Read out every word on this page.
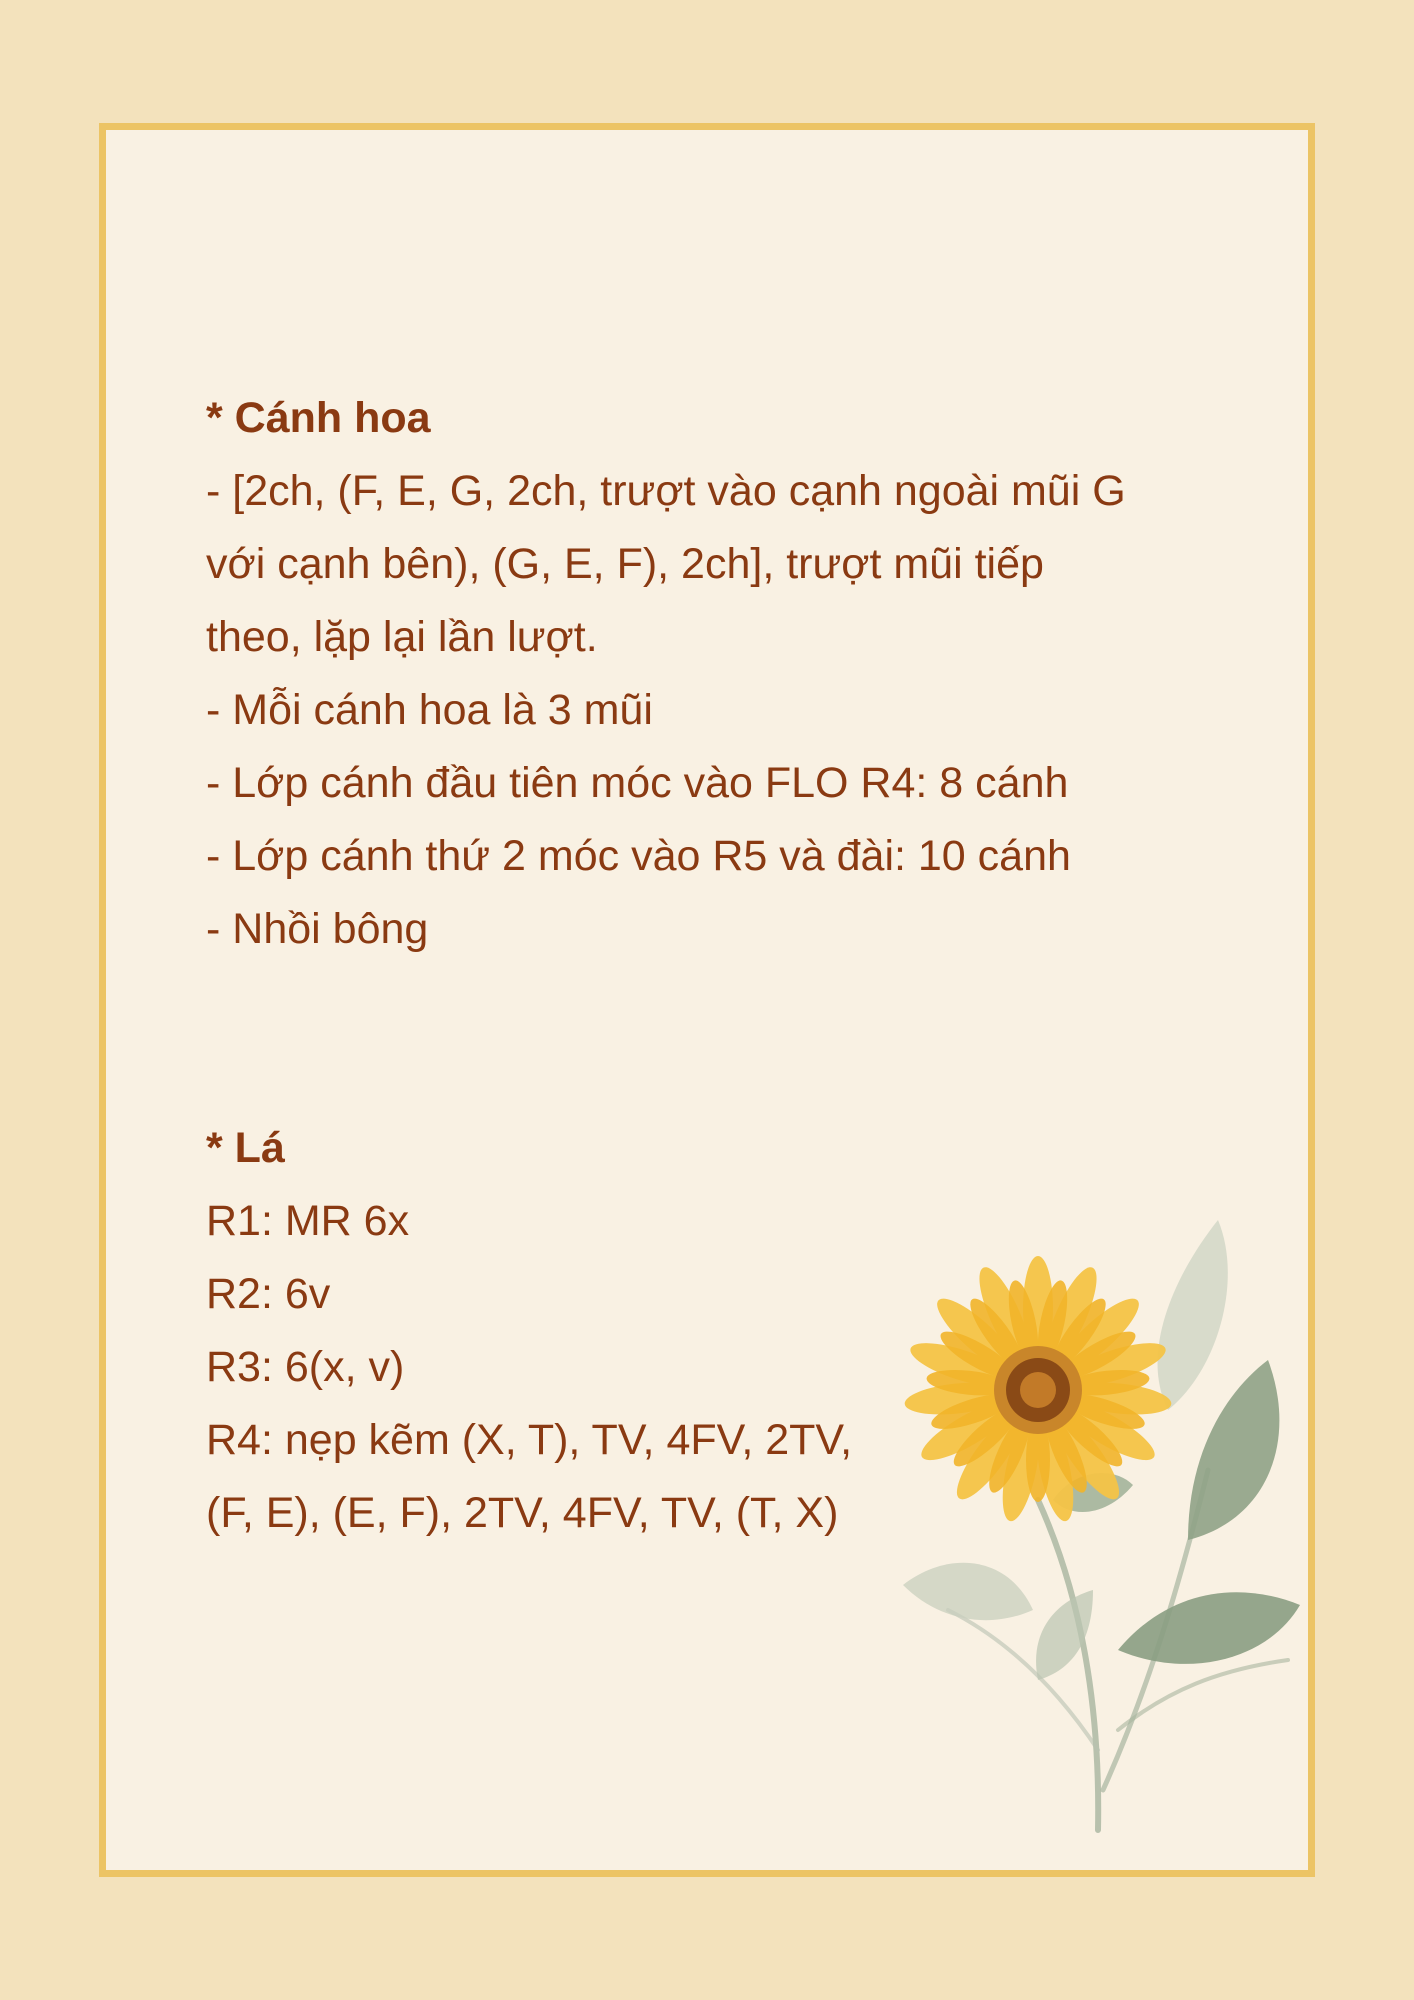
* Cánh hoa

- [2ch, (F, E, G, 2ch, trượt vào cạnh ngoài mũi G

với cạnh bên), (G, E, F), 2ch], trượt mũi tiếp

theo, lặp lại lần lượt.

- Mỗi cánh hoa là 3 mũi

- Lớp cánh đầu tiên móc vào FLO R4: 8 cánh

- Lớp cánh thứ 2 móc vào R5 và đài: 10 cánh

- Nhồi bông

* Lá

R1: MR 6x

R2: 6v

R3: 6(x, v)

R4: nẹp kẽm (X, T), TV, 4FV, 2TV,

(F, E), (E, F), 2TV, 4FV, TV, (T, X)
